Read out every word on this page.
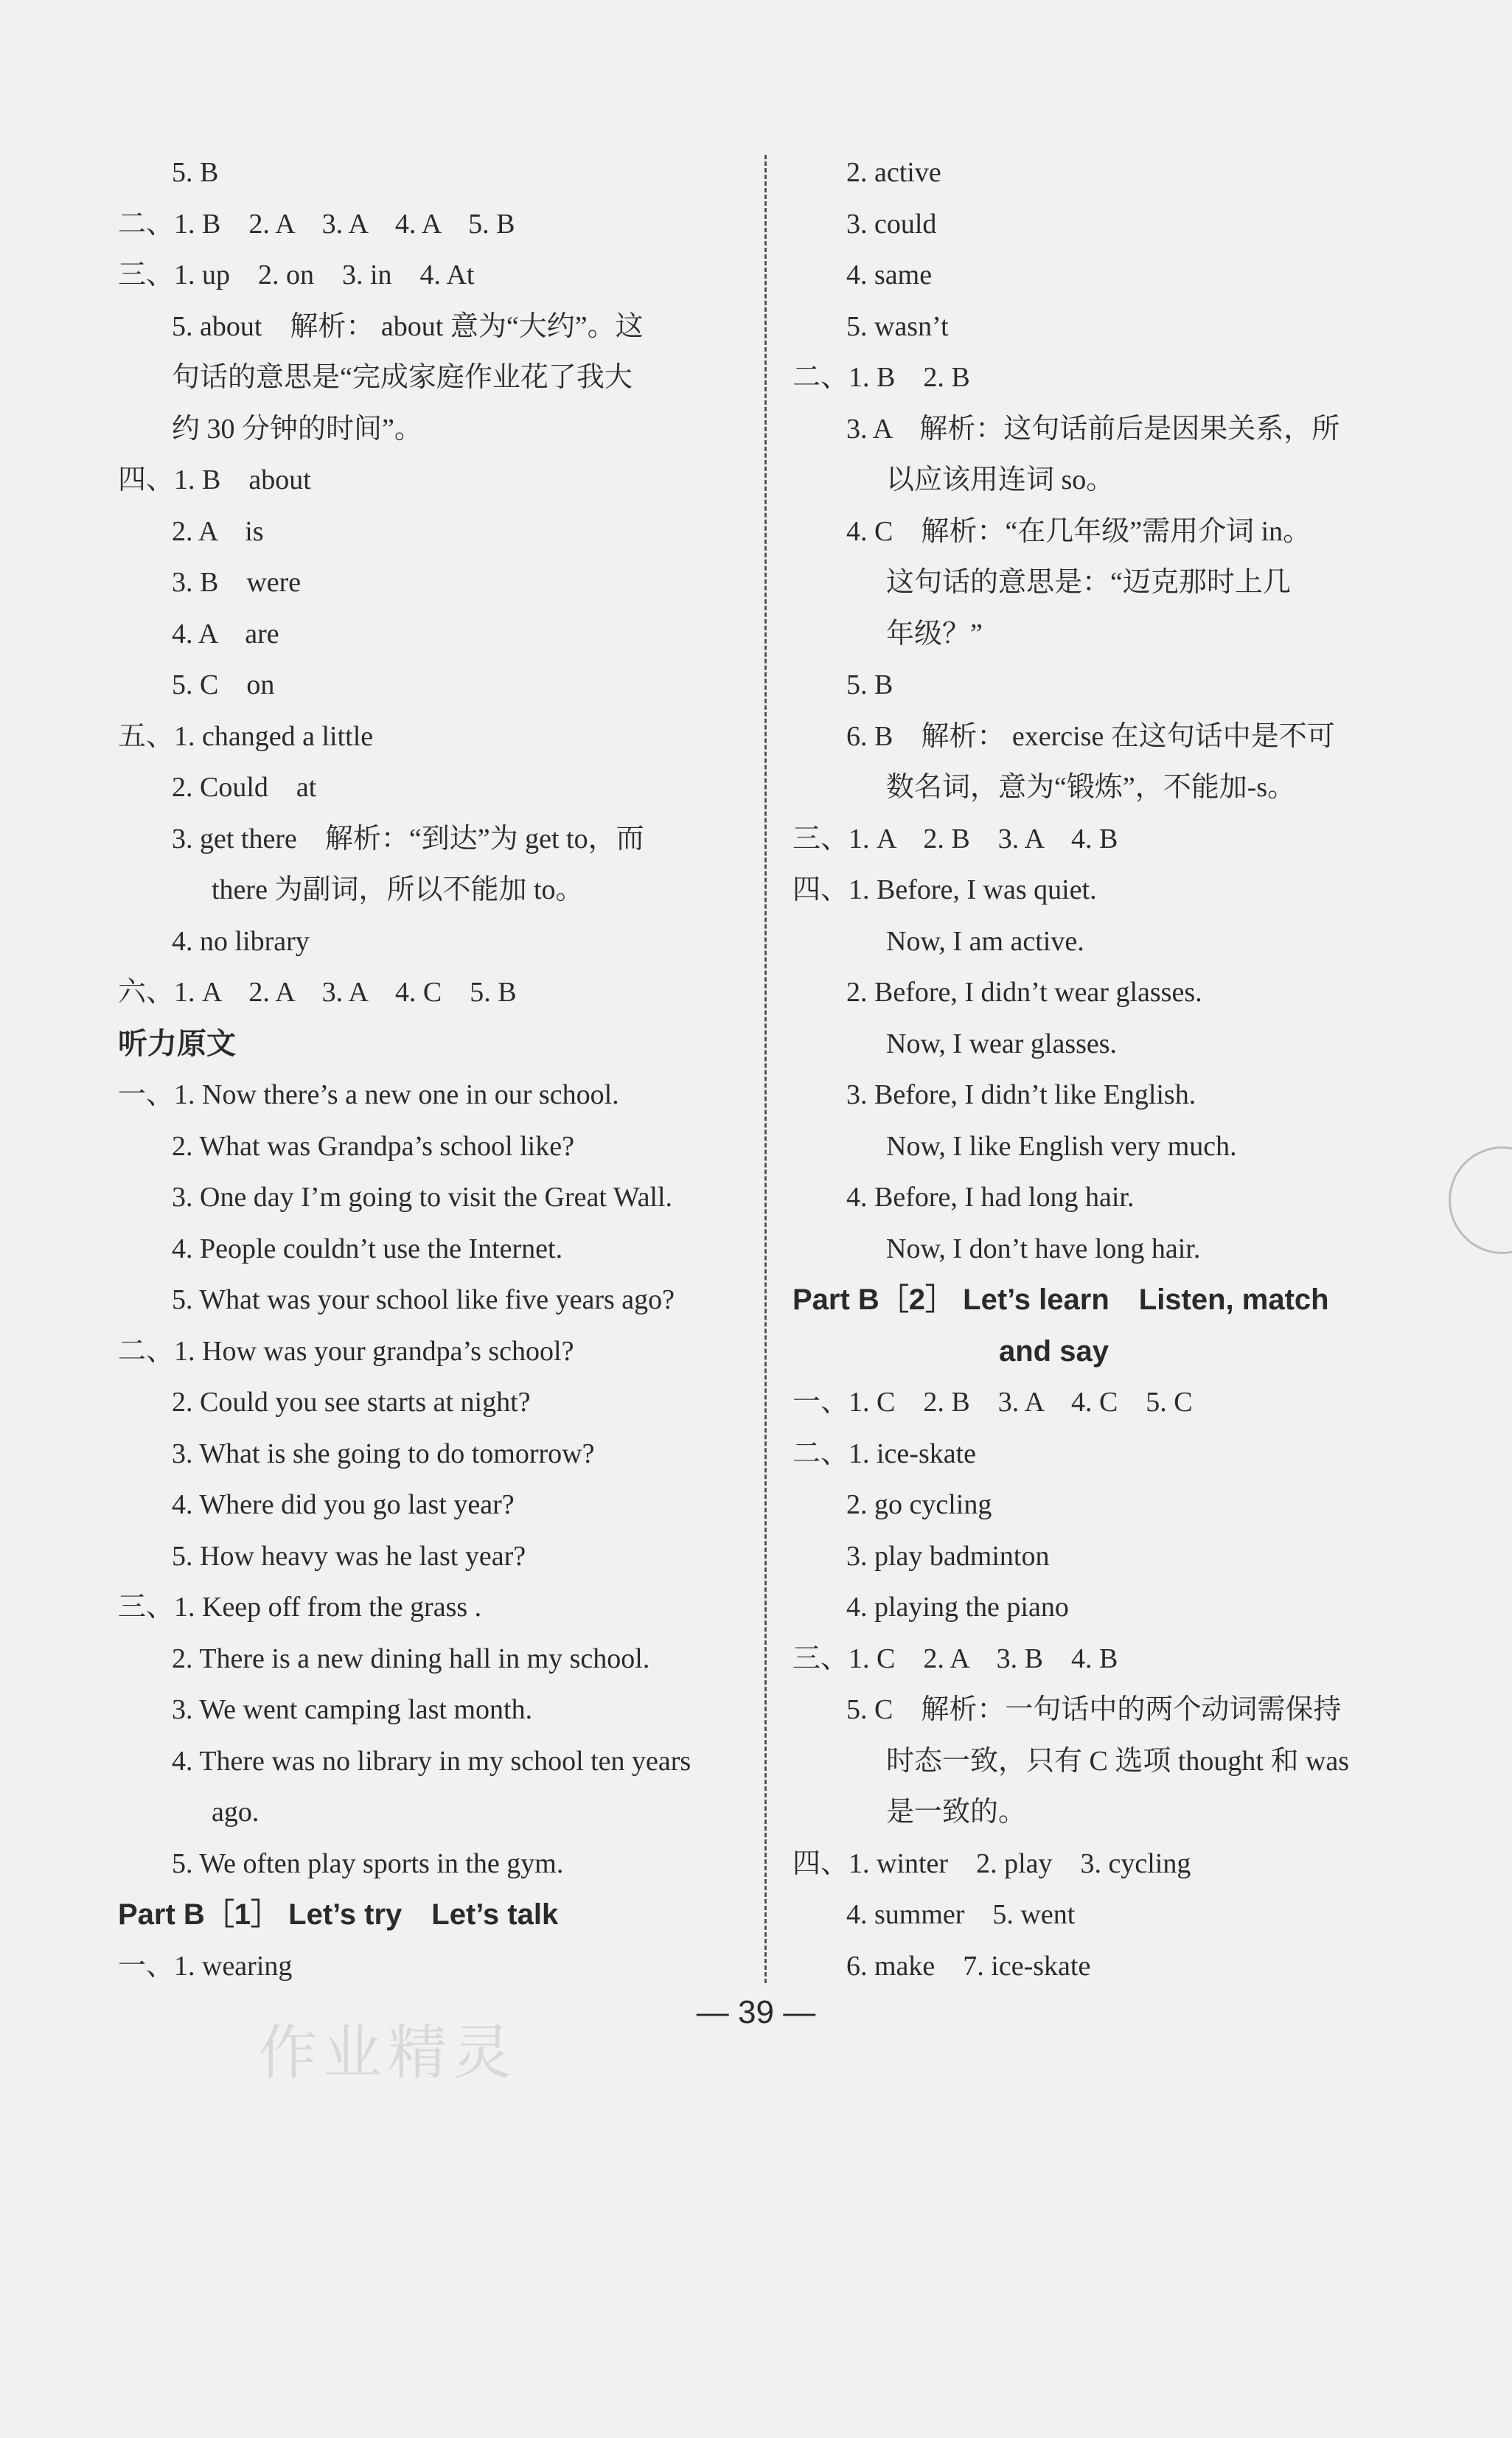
5. B
二、1. B　2. A　3. A　4. A　5. B
三、1. up　2. on　3. in　4. At
5. about　解析： about 意为“大约”。这
句话的意思是“完成家庭作业花了我大
约 30 分钟的时间”。
四、1. B　about
2. A　is
3. B　were
4. A　are
5. C　on
五、1. changed a little
2. Could　at
3. get there　解析：“到达”为 get to，而
there 为副词，所以不能加 to。
4. no library
六、1. A　2. A　3. A　4. C　5. B
听力原文
一、1. Now there’s a new one in our school.
2. What was Grandpa’s school like?
3. One day I’m going to visit the Great Wall.
4. People couldn’t use the Internet.
5. What was your school like five years ago?
二、1. How was your grandpa’s school?
2. Could you see starts at night?
3. What is she going to do tomorrow?
4. Where did you go last year?
5. How heavy was he last year?
三、1. Keep off from the grass .
2. There is a new dining hall in my school.
3. We went camping last month.
4. There was no library in my school ten years
ago.
5. We often play sports in the gym.
Part B［1］ Let’s try　Let’s talk
一、1. wearing
2. active
3. could
4. same
5. wasn’t
二、1. B　2. B
3. A　解析：这句话前后是因果关系，所
以应该用连词 so。
4. C　解析：“在几年级”需用介词 in。
这句话的意思是：“迈克那时上几
年级？”
5. B
6. B　解析： exercise 在这句话中是不可
数名词，意为“锻炼”，不能加-s。
三、1. A　2. B　3. A　4. B
四、1. Before, I was quiet.
Now, I am active.
2. Before, I didn’t wear glasses.
Now, I wear glasses.
3. Before, I didn’t like English.
Now, I like English very much.
4. Before, I had long hair.
Now, I don’t have long hair.
Part B［2］ Let’s learn　Listen, match
and say
一、1. C　2. B　3. A　4. C　5. C
二、1. ice-skate
2. go cycling
3. play badminton
4. playing the piano
三、1. C　2. A　3. B　4. B
5. C　解析：一句话中的两个动词需保持
时态一致，只有 C 选项 thought 和 was
是一致的。
四、1. winter　2. play　3. cycling
4. summer　5. went
6. make　7. ice-skate
— 39 —
作业精灵
